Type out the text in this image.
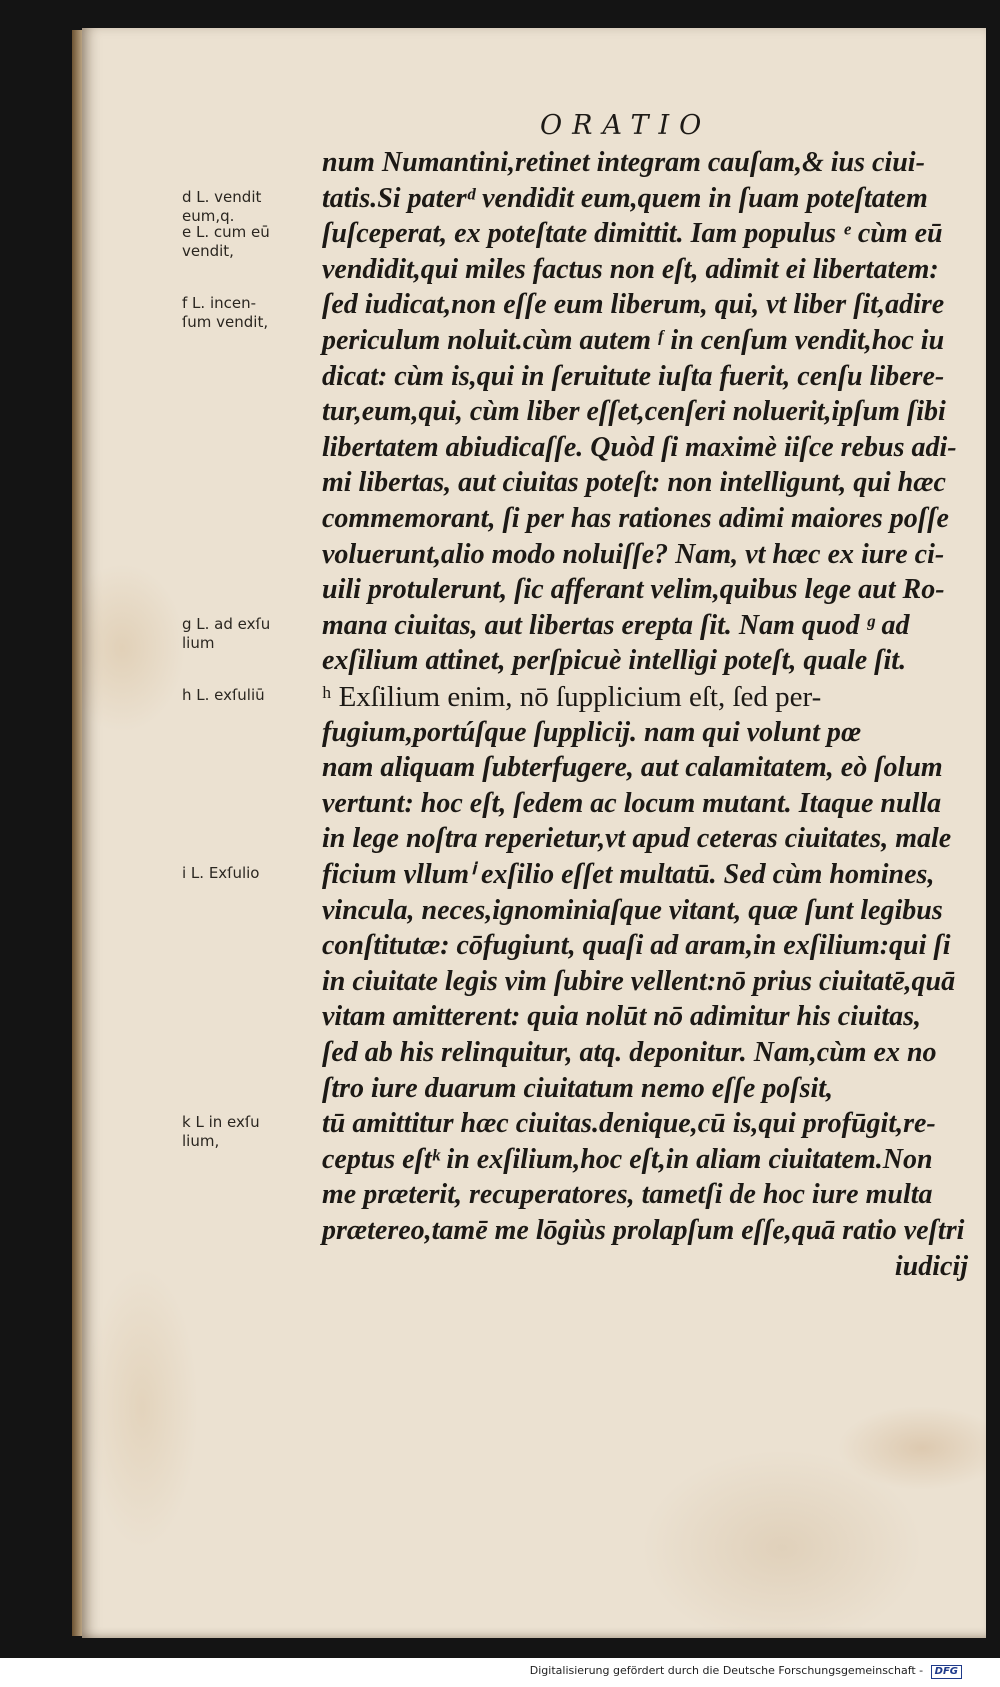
ORATIO
num Numantini,retinet integram cauſam,& ius ciui-
tatis.Si paterᵈ vendidit eum,quem in ſuam poteſtatem
ſuſceperat, ex poteſtate dimittit. Iam populus ᵉ cùm eū
vendidit,qui miles factus non eſt, adimit ei libertatem:
ſed iudicat,non eſſe eum liberum, qui, vt liber ſit,adire
periculum noluit.cùm autem ᶠ in cenſum vendit,hoc iu
dicat: cùm is,qui in ſeruitute iuſta fuerit, cenſu libere-
tur,eum,qui, cùm liber eſſet,cenſeri noluerit,ipſum ſibi
libertatem abiudicaſſe. Quòd ſi maximè iiſce rebus adi-
mi libertas, aut ciuitas poteſt: non intelligunt, qui hæc
commemorant, ſi per has rationes adimi maiores poſſe
voluerunt,alio modo noluiſſe? Nam, vt hæc ex iure ci-
uili protulerunt, ſic afferant velim,quibus lege aut Ro-
mana ciuitas, aut libertas erepta ſit. Nam quod ᵍ ad
exſilium attinet, perſpicuè intelligi poteſt, quale ſit.
ʰ Exſilium enim, nō ſupplicium eſt, ſed per-
fugium,portúſque ſupplicij. nam qui volunt pœ
nam aliquam ſubterfugere, aut calamitatem, eò ſolum
vertunt: hoc eſt, ſedem ac locum mutant. Itaque nulla
in lege noſtra reperietur,vt apud ceteras ciuitates, male
ficium vllumⁱ exſilio eſſet multatū. Sed cùm homines,
vincula, neces,ignominiaſque vitant, quæ ſunt legibus
conſtitutæ: cōfugiunt, quaſi ad aram,in exſilium:qui ſi
in ciuitate legis vim ſubire vellent:nō prius ciuitatē,quā
vitam amitterent: quia nolūt nō adimitur his ciuitas,
ſed ab his relinquitur, atq. deponitur. Nam,cùm ex no
ſtro iure duarum ciuitatum nemo eſſe poſsit,
tū amittitur hæc ciuitas.denique,cū is,qui profūgit,re-
ceptus eſtᵏ in exſilium,hoc eſt,in aliam ciuitatem.Non
me præterit, recuperatores, tametſi de hoc iure multa
prætereo,tamē me lōgiùs prolapſum eſſe,quā ratio veſtri
iudicij
d L. vendit
eum,q.
e L. cum eū
vendit,
f L. incen-
ſum vendit,
g L. ad exſu
lium
h L. exſuliū
i L. Exſulio
k L in exſu
lium,
Digitalisierung gefördert durch die Deutsche Forschungsgemeinschaft - DFG
